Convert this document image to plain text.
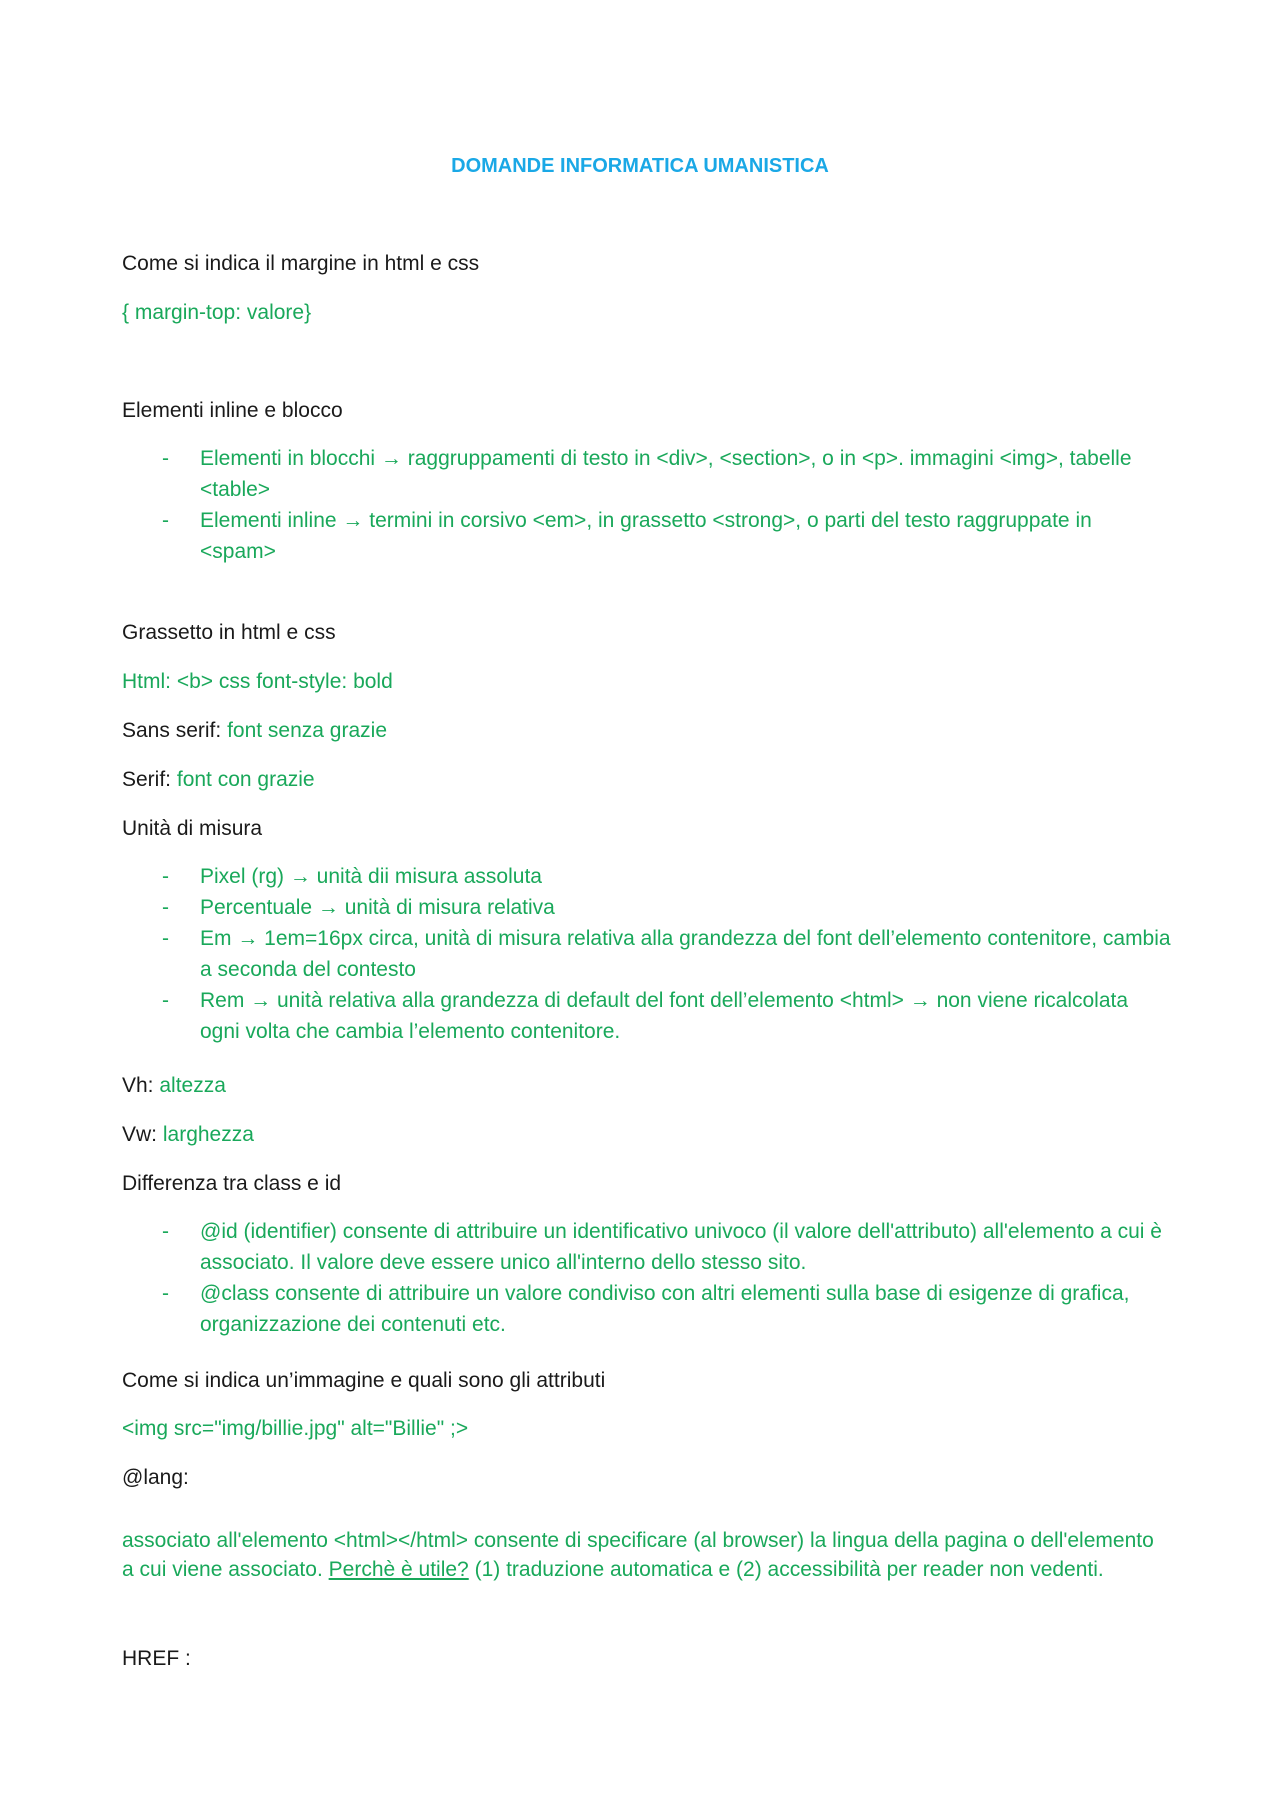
DOMANDE INFORMATICA UMANISTICA
Come si indica il margine in html e css
{ margin-top: valore}
Elementi inline e blocco
- Elementi in blocchi → raggruppamenti di testo in <div>, <section>, o in <p>. immagini <img>, tabelle <table>
- Elementi inline → termini in corsivo <em>, in grassetto <strong>, o parti del testo raggruppate in <spam>
Grassetto in html e css
Html: <b> css font-style: bold
Sans serif: font senza grazie
Serif: font con grazie
Unità di misura
- Pixel (rg) → unità dii misura assoluta
- Percentuale → unità di misura relativa
- Em → 1em=16px circa, unità di misura relativa alla grandezza del font dell’elemento contenitore, cambia a seconda del contesto
- Rem → unità relativa alla grandezza di default del font dell’elemento <html> → non viene ricalcolata ogni volta che cambia l’elemento contenitore.
Vh: altezza
Vw: larghezza
Differenza tra class e id
- @id (identifier) consente di attribuire un identificativo univoco (il valore dell'attributo) all'elemento a cui è associato. Il valore deve essere unico all'interno dello stesso sito.
- @class consente di attribuire un valore condiviso con altri elementi sulla base di esigenze di grafica, organizzazione dei contenuti etc.
Come si indica un’immagine e quali sono gli attributi
<img src="img/billie.jpg" alt="Billie" ;>
@lang:
associato all'elemento <html></html> consente di specificare (al browser) la lingua della pagina o dell'elemento a cui viene associato. Perchè è utile? (1) traduzione automatica e (2) accessibilità per reader non vedenti.
HREF :
